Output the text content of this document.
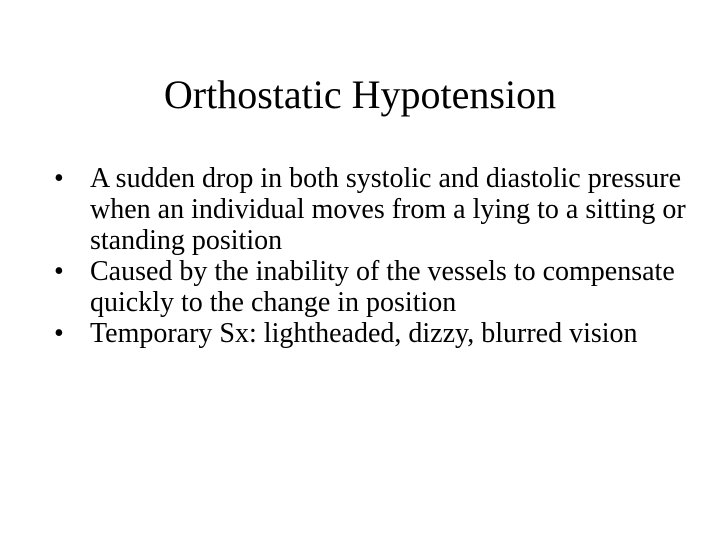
Orthostatic Hypotension
• A sudden drop in both systolic and diastolic pressure when an individual moves from a lying to a sitting or standing position
• Caused by the inability of the vessels to compensate quickly to the change in position
• Temporary Sx: lightheaded, dizzy, blurred vision
